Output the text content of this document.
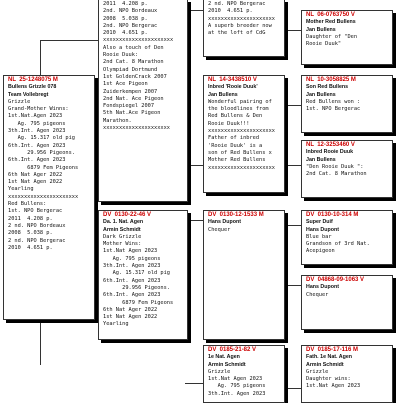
NL  25-1248075 M
Bullens Grizzle 078
Team Vollebregt
Grizzle
Grand-Mother Winns:
1st.Nat.Agen 2023
Ag. 795 pigeons
3th.Int. Agen 2023
Ag. 15.317 old pig
6th.Int. Agen 2023
29.956 Pigeons.
6th.Int. Agen 2023
6879 Fem Pigeons
6th Nat Ager 2022
1st Nat Agen 2022
Yearling
xxxxxxxxxxxxxxxxxxxxxx
Red Bullens:
1st. NPO Bergerac
2011  4.208 p.
2 nd. NPO Bordeaux
2008  5.038 p.
2 nd. NPO Bergerac
2010  4.651 p.
2011  4.208 p.
2nd. NPO Bordeaux
2008  5.038 p.
2nd. NPO Bergerac
2010  4.651 p.
xxxxxxxxxxxxxxxxxxxxxx
Also a touch of Den
Rooie Duuk:
2nd Cat. 8 Marathon
Olympiad Dortmund
1st GoldenCrack 2007
1st Ace Pigeon
Zuiderkempen 2007
2nd Nat. Ace Pigeon
Fondspiegel 2007
5th Nat.Ace Pigeon
Marathon.
xxxxxxxxxxxxxxxxxxxxx
2 nd. NPO Bergerac
2010  4.651 p.
xxxxxxxxxxxxxxxxxxxxx
A superb breeder now
at the loft of CdG
NL  06-0763750 V
Mother Red Bullens
Jan Bullens
Daughter of "Den
Rooie Duuk"
NL  14-3438510 V
Inbred 'Rooie Duuk'
Jan Bullens
Wonderful pairing of
the bloodlines from
Red Bullens & Den
Rooie Duuk!!!
xxxxxxxxxxxxxxxxxxxxx
Father of inbred
'Rooie Duuk' is a
son of Red Bullens x
Mother Red Bullens
xxxxxxxxxxxxxxxxxxxxx
NL  10-3058825 M
Son Red Bullens
Jan Bullens
Red Bullens won :
1st. NPO Bergerac
NL  12-3253460 V
Inbred Rooie Duuk
Jan Bullens
"Den Rooie Duuk ":
2nd Cat. 8 Marathon
DV  0130-22-46 V
Da. 1. Nat. Agen
Armin Schmidt
Dark Grizzle
Mother Wins:
1st.Nat Agen 2023
Ag. 795 pigeons
3th.Int. Agen 2023
Ag. 15.317 old pig
6th.Int. Agen 2023
29.956 Pigeons.
6th.Int. Agen 2023
6879 Fem Pigeons
6th Nat Ager 2022
1st Nat Agen 2022
Yearling
DV  0130-12-1533 M
Hans Dupont
Chequer
DV  0130-10-314 M
Super Duif
Hans Dupont
Blue bar
Grandson of 3rd Nat.
Acepigeon
DV  04868-09-1063 V
Hans Dupont
Chequer
DV  0185-21-82 V
1e Nat. Agen
Armin Schmidt
Grizzle
1st.Nat Agen 2023
Ag. 795 pigeons
3th.Int. Agen 2023
DV  0185-17-116 M
Fath. 1e Nat. Agen
Armin Schmidt
Grizzle
Daughter wins:
1st.Nat Agen 2023
